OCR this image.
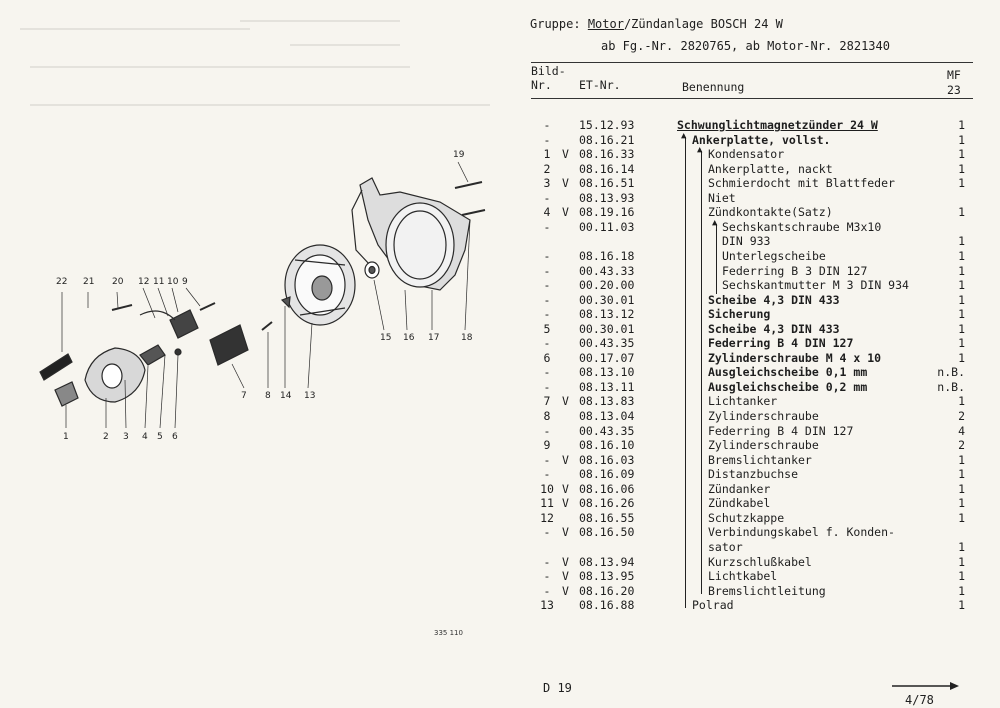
22 21 20 12 11 10 9
19
1	2 3 4 5 6
7 8 14 13
15 16 17 18
335 110
Gruppe: Motor/Zündanlage BOSCH 24 W
ab Fg.-Nr. 2820765, ab Motor-Nr. 2821340
Bild-
Nr. ET-Nr.	Benennung
MF
23
▲
▲
▲
-	15.12.93	Schwunglichtmagnetzünder 24 W	1
-	08.16.21	Ankerplatte, vollst.	1
1	V 08.16.33	Kondensator	1
2	08.16.14	Ankerplatte, nackt	1
3	V 08.16.51	Schmierdocht mit Blattfeder	1
-	08.13.93	Niet
4	V 08.19.16	Zündkontakte(Satz)	1
-	00.11.03	Sechskantschraube M3x10
DIN 933	1
-	08.16.18	Unterlegscheibe	1
-	00.43.33	Federring B 3 DIN 127	1
-	00.20.00	Sechskantmutter M 3 DIN 934	1
-	00.30.01	Scheibe 4,3 DIN 433	1
-	08.13.12	Sicherung	1
5	00.30.01	Scheibe 4,3 DIN 433	1
-	00.43.35	Federring B 4 DIN 127	1
6	00.17.07	Zylinderschraube M 4 x 10	1
-	08.13.10	Ausgleichscheibe 0,1 mm	n.B.
-	08.13.11	Ausgleichscheibe 0,2 mm	n.B.
7	V 08.13.83	Lichtanker	1
8	08.13.04	Zylinderschraube	2
-	00.43.35	Federring B 4 DIN 127	4
9	08.16.10	Zylinderschraube	2
-	V 08.16.03	Bremslichtanker	1
-	08.16.09	Distanzbuchse	1
10 V 08.16.06	Zündanker	1
11 V 08.16.26	Zündkabel	1
12	08.16.55	Schutzkappe	1
-	V 08.16.50	Verbindungskabel f. Konden-
sator	1
-	V 08.13.94	Kurzschlußkabel	1
-	V 08.13.95	Lichtkabel	1
-	V 08.16.20	Bremslichtleitung	1
13	08.16.88	Polrad	1
D 19
4/78
